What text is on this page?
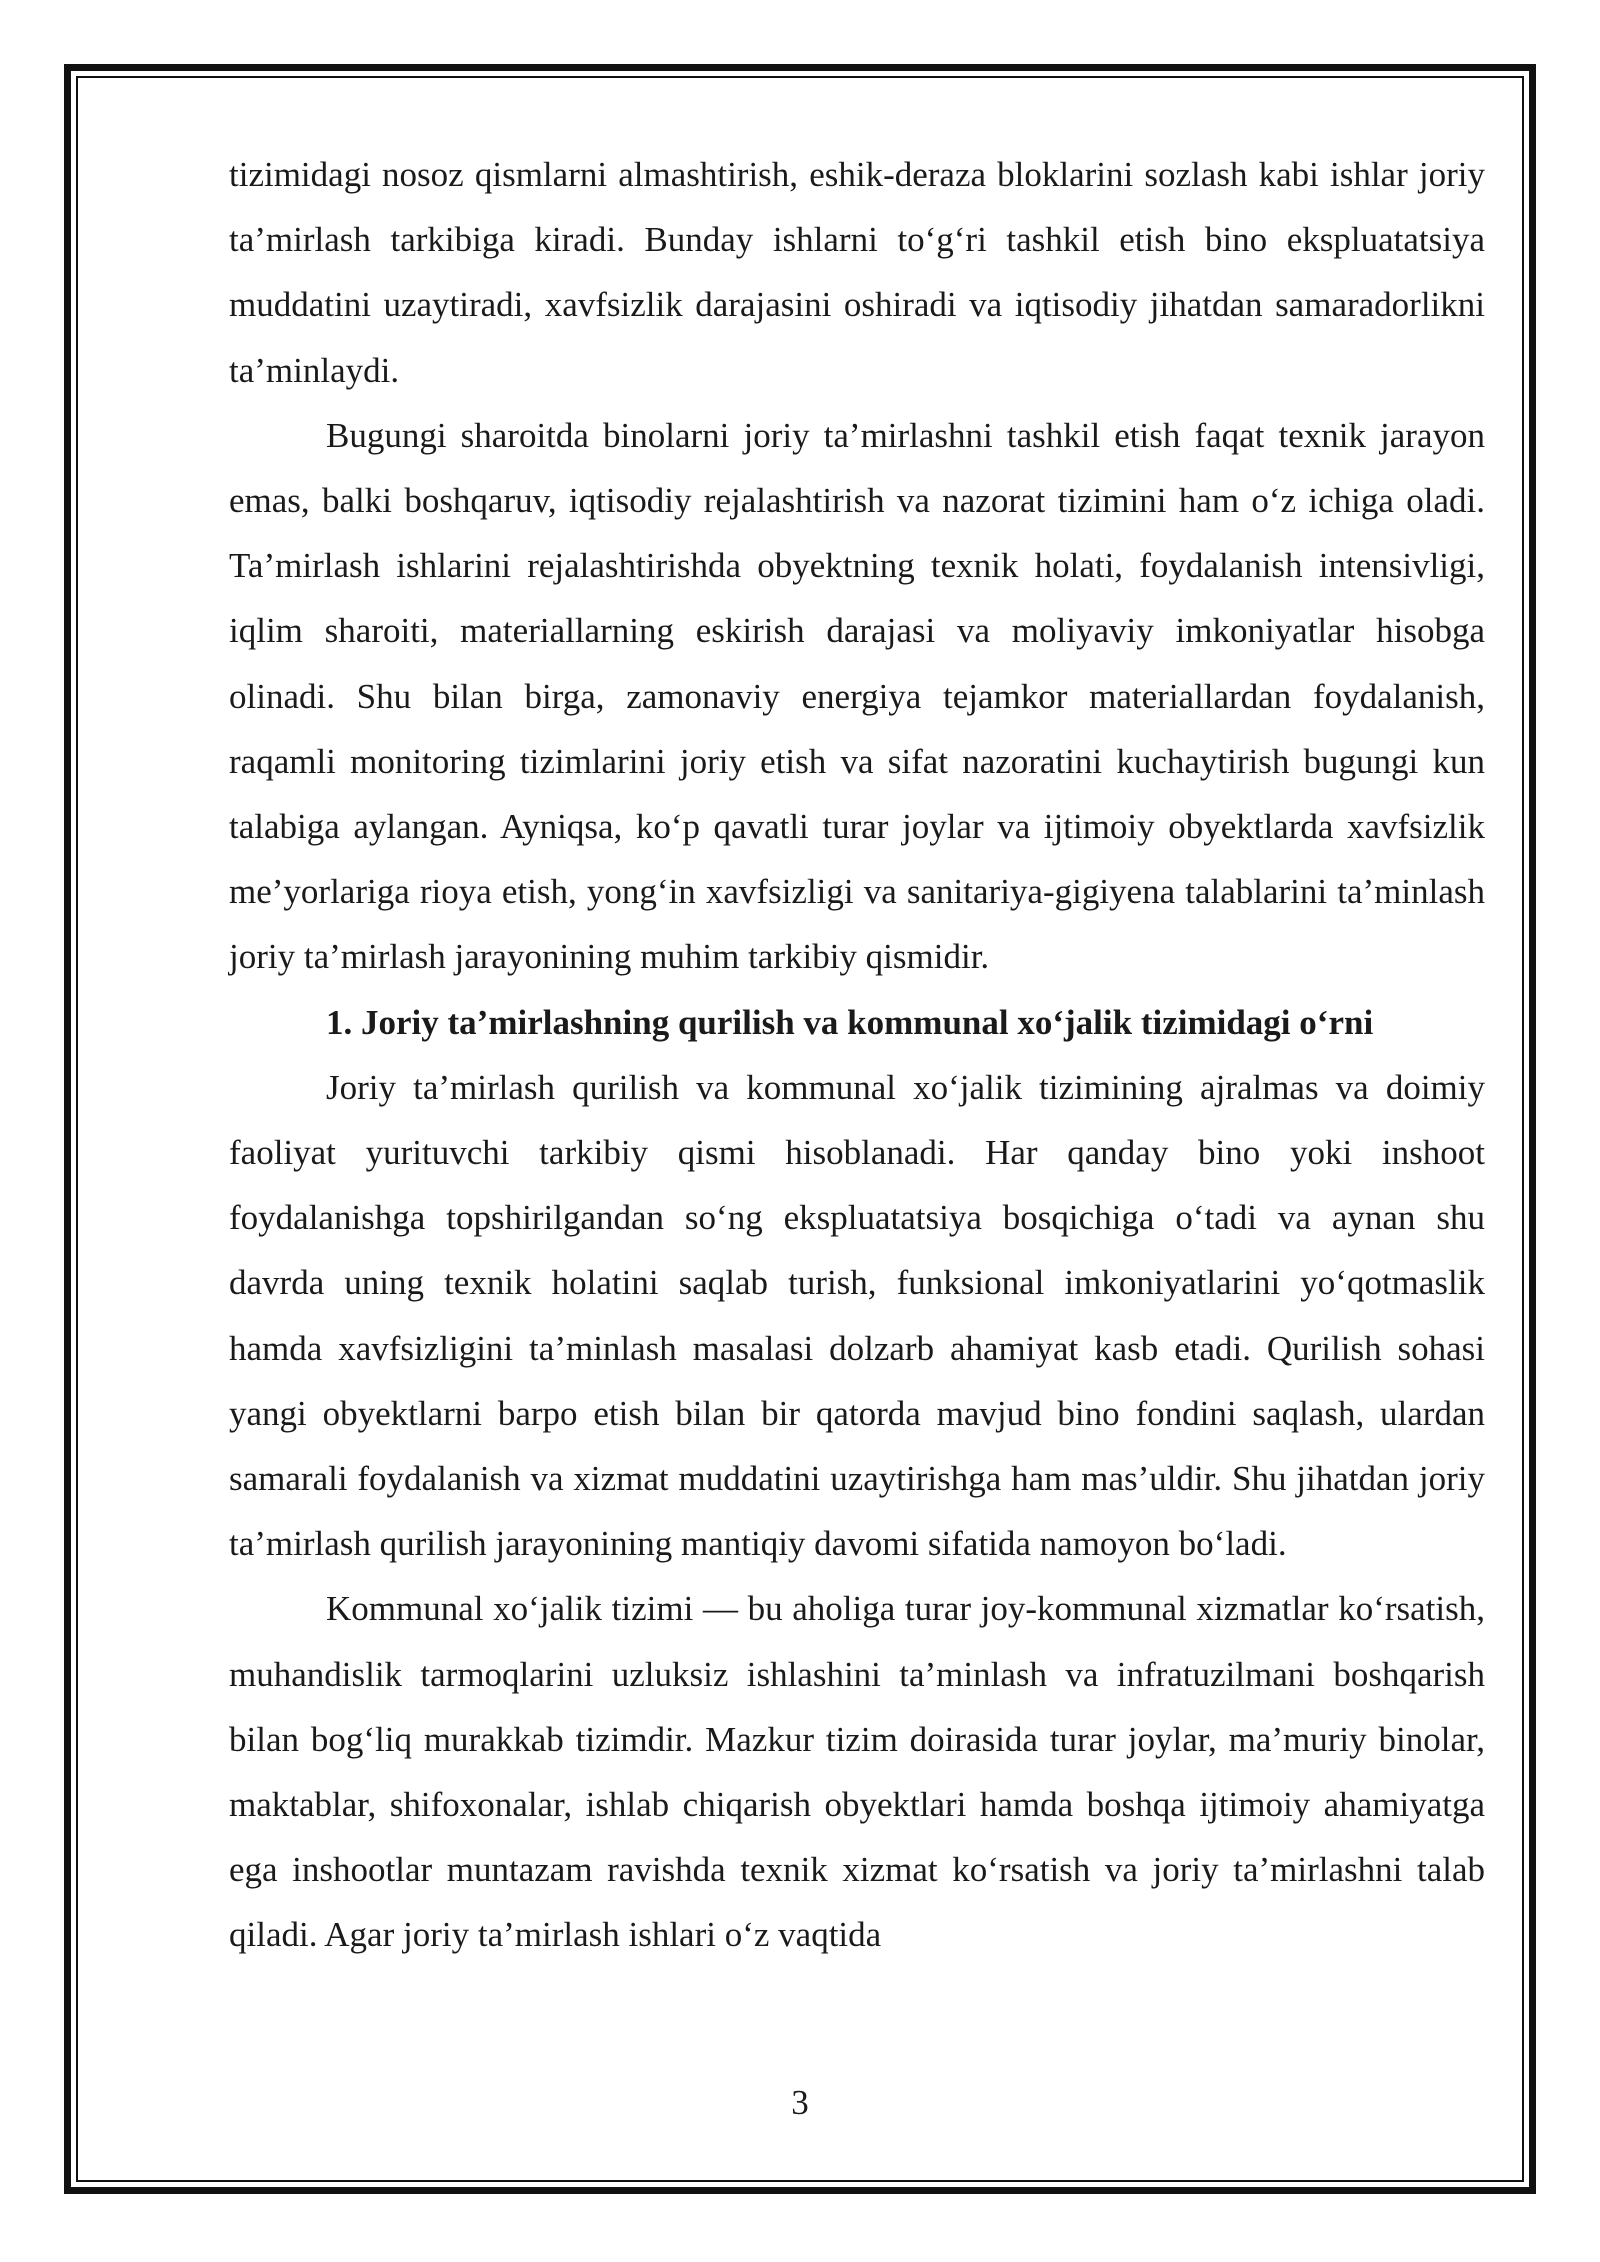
tizimidagi nosoz qismlarni almashtirish, eshik-deraza bloklarini sozlash kabi ishlar joriy ta’mirlash tarkibiga kiradi. Bunday ishlarni to‘g‘ri tashkil etish bino ekspluatatsiya muddatini uzaytiradi, xavfsizlik darajasini oshiradi va iqtisodiy jihatdan samaradorlikni ta’minlaydi.

Bugungi sharoitda binolarni joriy ta’mirlashni tashkil etish faqat texnik jarayon emas, balki boshqaruv, iqtisodiy rejalashtirish va nazorat tizimini ham o‘z ichiga oladi. Ta’mirlash ishlarini rejalashtirishda obyektning texnik holati, foydalanish intensivligi, iqlim sharoiti, materiallarning eskirish darajasi va moliyaviy imkoniyatlar hisobga olinadi. Shu bilan birga, zamonaviy energiya tejamkor materiallardan foydalanish, raqamli monitoring tizimlarini joriy etish va sifat nazoratini kuchaytirish bugungi kun talabiga aylangan. Ayniqsa, ko‘p qavatli turar joylar va ijtimoiy obyektlarda xavfsizlik me’yorlariga rioya etish, yong‘in xavfsizligi va sanitariya-gigiyena talablarini ta’minlash joriy ta’mirlash jarayonining muhim tarkibiy qismidir.

1. Joriy ta’mirlashning qurilish va kommunal xo‘jalik tizimidagi o‘rni

Joriy ta’mirlash qurilish va kommunal xo‘jalik tizimining ajralmas va doimiy faoliyat yurituvchi tarkibiy qismi hisoblanadi. Har qanday bino yoki inshoot foydalanishga topshirilgandan so‘ng ekspluatatsiya bosqichiga o‘tadi va aynan shu davrda uning texnik holatini saqlab turish, funksional imkoniyatlarini yo‘qotmaslik hamda xavfsizligini ta’minlash masalasi dolzarb ahamiyat kasb etadi. Qurilish sohasi yangi obyektlarni barpo etish bilan bir qatorda mavjud bino fondini saqlash, ulardan samarali foydalanish va xizmat muddatini uzaytirishga ham mas’uldir. Shu jihatdan joriy ta’mirlash qurilish jarayonining mantiqiy davomi sifatida namoyon bo‘ladi.

Kommunal xo‘jalik tizimi — bu aholiga turar joy-kommunal xizmatlar ko‘rsatish, muhandislik tarmoqlarini uzluksiz ishlashini ta’minlash va infratuzilmani boshqarish bilan bog‘liq murakkab tizimdir. Mazkur tizim doirasida turar joylar, ma’muriy binolar, maktablar, shifoxonalar, ishlab chiqarish obyektlari hamda boshqa ijtimoiy ahamiyatga ega inshootlar muntazam ravishda texnik xizmat ko‘rsatish va joriy ta’mirlashni talab qiladi. Agar joriy ta’mirlash ishlari o‘z vaqtida

3
